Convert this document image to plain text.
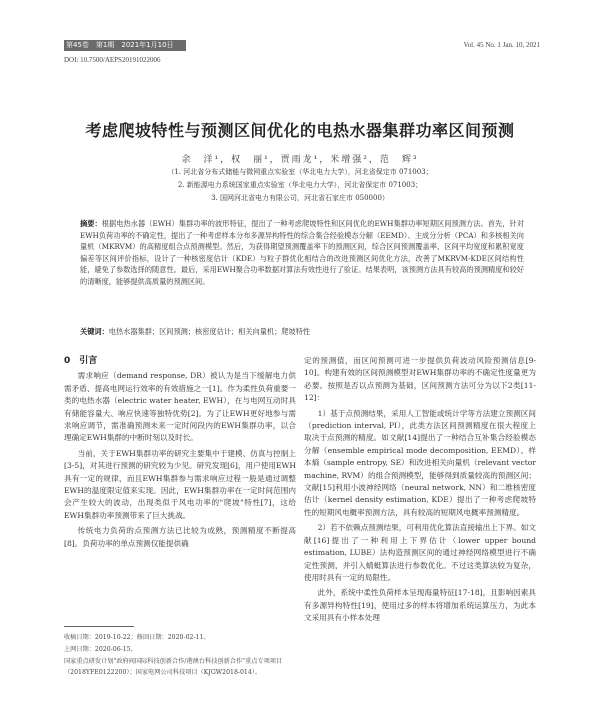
第45卷　第1期　2021年1月10日	Vol. 45 No. 1 Jan. 10, 2021
DOI: 10.7500/AEPS20191022006
考虑爬坡特性与预测区间优化的电热水器集群功率区间预测
余　洋¹，权　丽¹，贾雨龙¹，米增强²，范　辉³
（1. 河北省分布式储能与微网重点实验室（华北电力大学），河北省保定市 071003；
2. 新能源电力系统国家重点实验室（华北电力大学），河北省保定市 071003；
3. 国网河北省电力有限公司，河北省石家庄市 050000）
摘要：根据电热水器（EWH）集群功率的波形特征，提出了一种考虑爬坡特性和区间优化的EWH集群功率短期区间预测方法。首先，针对EWH负荷功率的不确定性，提出了一种考虑样本分布多源异构特性的综合集合经验模态分解（EEMD）、主成分分析（PCA）和多核相关向量机（MKRVM）的高精度组合点预测模型。然后，为获得期望预测覆盖率下的预测区间，综合区间预测覆盖率、区间平均宽度和累积宽度偏差等区间评价指标，设计了一种核密度估计（KDE）与粒子群优化相结合的改进预测区间优化方法，改善了MKRVM-KDE区间结构性能，避免了参数选择的随意性。最后，采用EWH聚合功率数据对算法有效性进行了验证。结果表明，该预测方法具有较高的预测精度和较好的清晰度，能够提供高质量的预测区间。
关键词：电热水器集群；区间预测；核密度估计；相关向量机；爬坡特性

0　引言

需求响应（demand response, DR）被认为是当下缓解电力供需矛盾、提高电网运行效率的有效措施之一[1]。作为柔性负荷重要一类的电热水器（electric water heater, EWH），在与电网互动时具有储能容量大、响应快速等独特优势[2]。为了让EWH更好地参与需求响应调节，需准确预测未来一定时间段内的EWH集群功率，以合理确定EWH集群的中断时刻以及时长。

当前，关于EWH集群功率的研究主要集中于建模、仿真与控制上[3-5]，对其进行预测的研究较为少见。研究发现[6]，用户使用EWH具有一定的规律，而且EWH集群参与需求响应过程一般是通过调整EWH的温度限定值来实现。因此，EWH集群功率在一定时间范围内会产生较大的波动，出现类似于风电功率的"爬坡"特性[7]，这给EWH集群功率预测带来了巨大挑战。

传统电力负荷的点预测方法已比较为成熟，预测精度不断提高[8]。负荷功率的单点预测仅能提供确

定的预测值，而区间预测可进一步提供负荷波动风险预测信息[9-10]。构建有效的区间预测模型对EWH集群功率的不确定性度量更为必要。按照是否以点预测为基础，区间预测方法可分为以下2类[11-12]：

1）基于点预测结果，采用人工智能或统计学等方法建立预测区间（prediction interval, PI），此类方法区间预测精度在很大程度上取决于点预测的精度。如文献[14]提出了一种结合互补集合经验模态分解（ensemble empirical mode decomposition, EEMD）、样本熵（sample entropy, SE）和改进相关向量机（relevant vector machine, RVM）的组合预测模型，能够得到质量较高的预测区间；文献[15]利用小波神经网络（neural network, NN）和二维核密度估计（kernel density estimation, KDE）提出了一种考虑爬坡特性的短期风电概率预测方法，具有较高的短期风电概率预测精度。

2）若不依赖点预测结果，可利用优化算法直接输出上下界。如文献[16]提出了一种利用上下界估计（lower upper bound estimation, LUBE）法构造预测区间的通过神经网络模型进行不确定性预测，并引入蜻蜓算法进行参数优化。不过这类算法较为复杂，使用时具有一定的局限性。

此外，系统中柔性负荷样本呈现海量特征[17-18]，且影响因素具有多源异构特性[19]，使用过多的样本将增加系统运算压力，为此本文采用具有小样本处理

收稿日期：2019-10-22；修回日期：2020-02-11。
上网日期：2020-06-15。
国家重点研发计划"政府间国际科技创新合作/港澳台科技创新合作"重点专项项目（2018YFE0122200）；国家电网公司科技项目（KJGW2018-014）。
